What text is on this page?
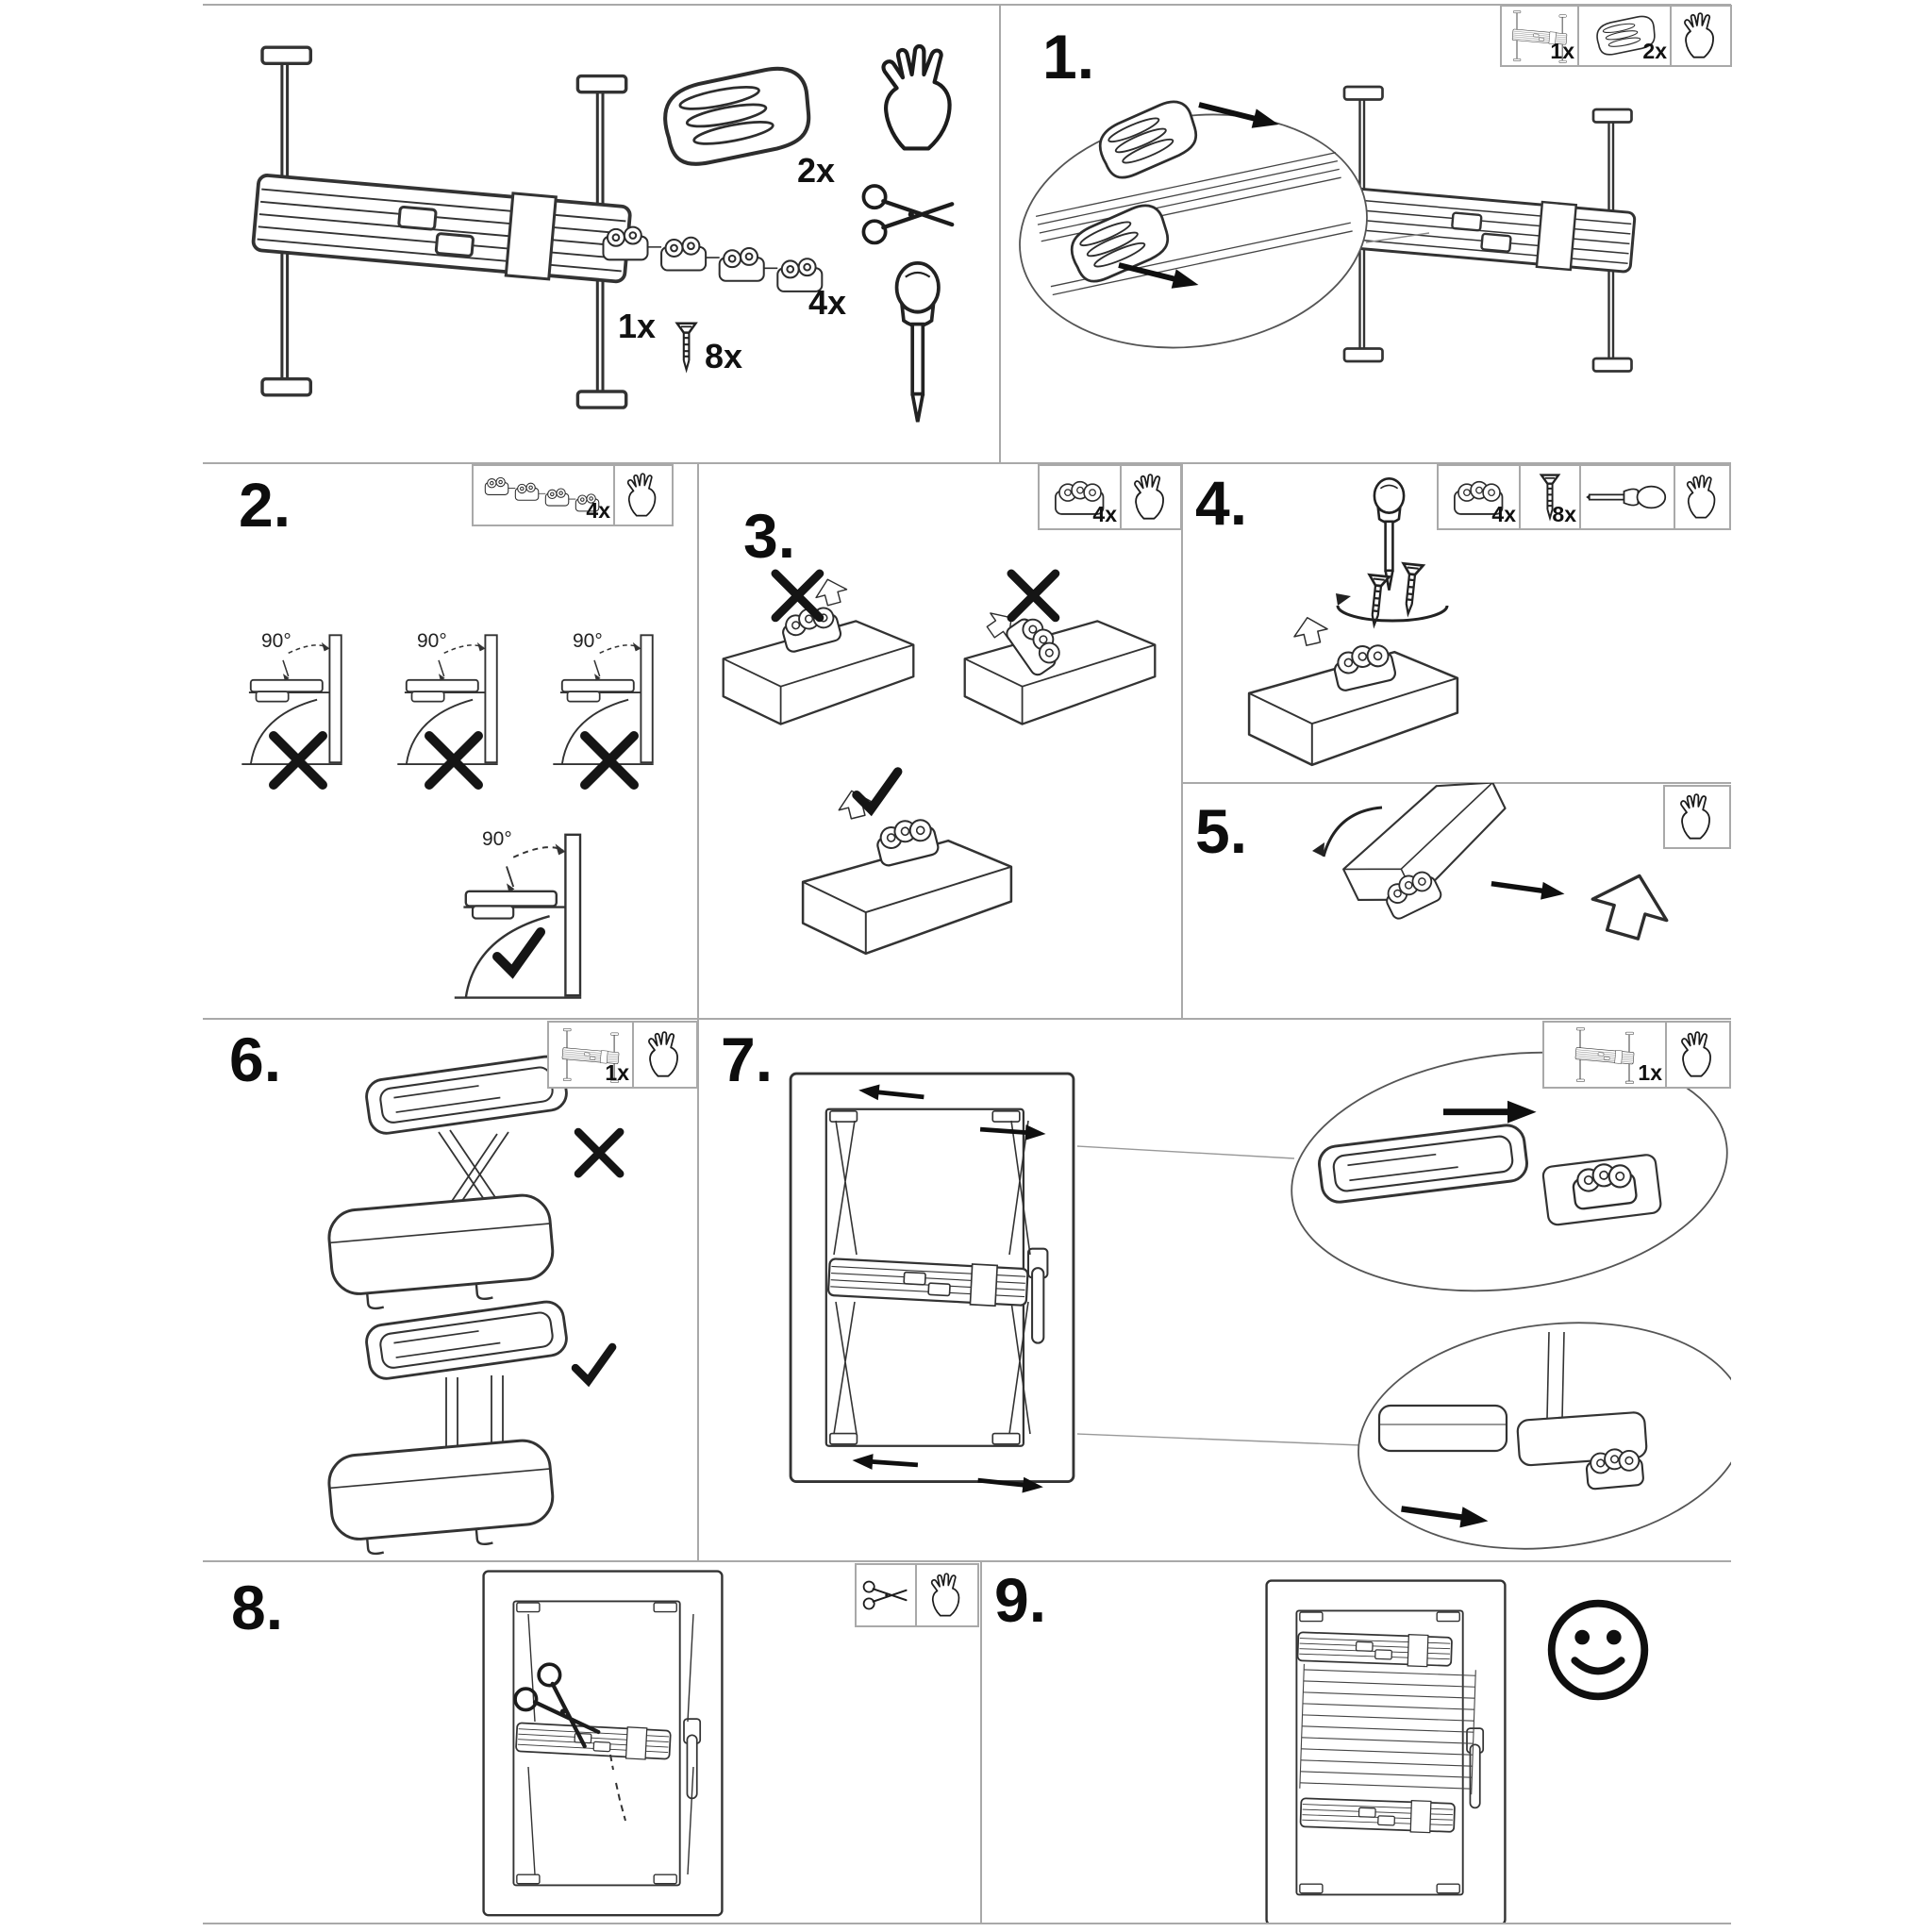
1x
2x
4x
8x
1.	1x	2x
2.
90°	90°	90°
90°
4x 3.	4x 4.	4x 8x
5.
6.	1x 7.	1x
8.	9.
